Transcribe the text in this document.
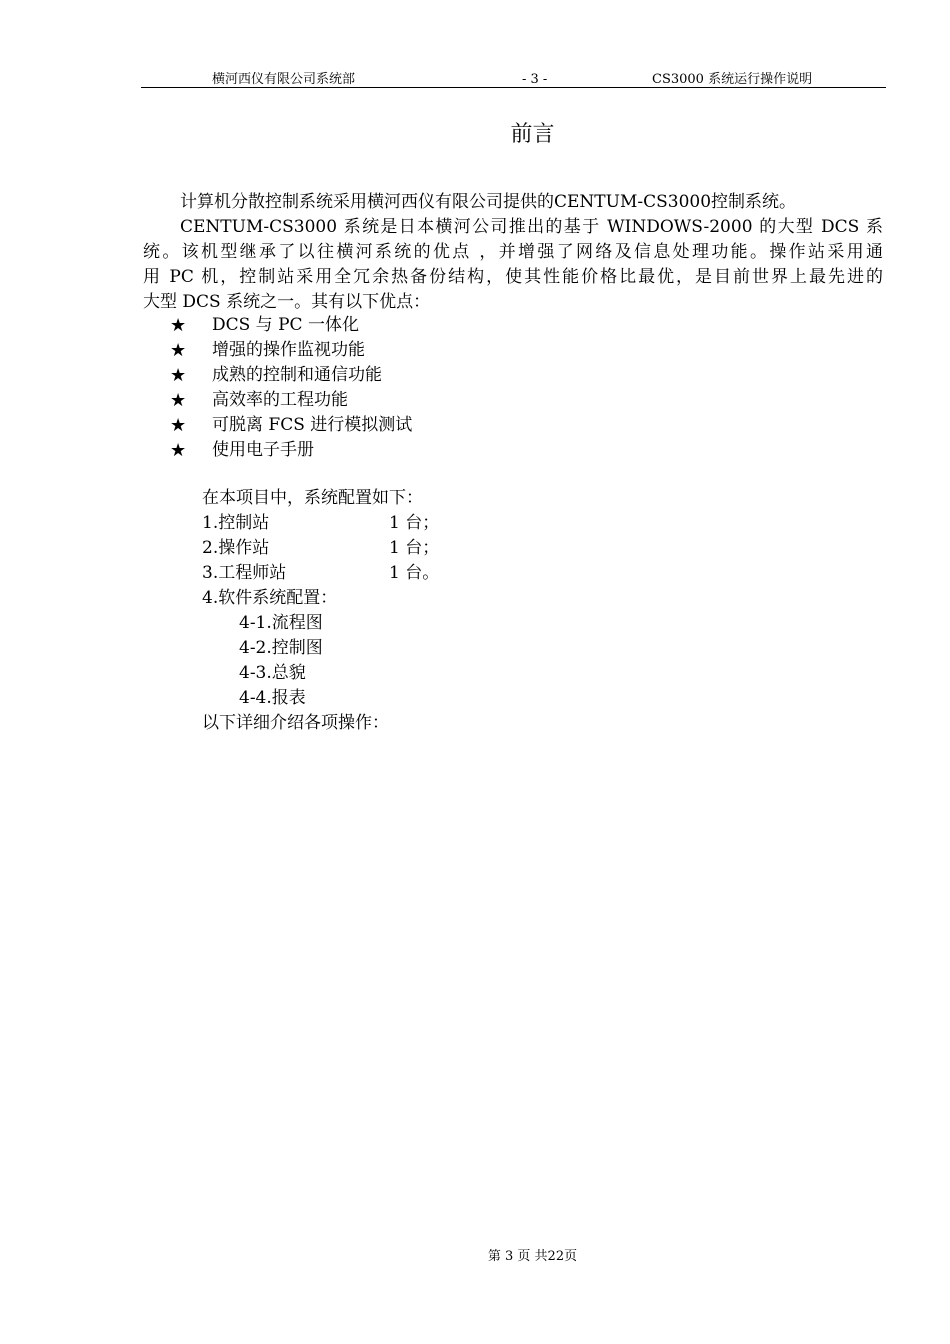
横河西仪有限公司系统部	- 3 -	CS3000 系统运行操作说明
前言
计算机分散控制系统采用横河西仪有限公司提供的CENTUM-CS3000控制系统。
CENTUM-CS3000 系统是日本横河公司推出的基于 WINDOWS-2000 的大型 DCS 系
统。该机型继承了以往横河系统的优点 ，并增强了网络及信息处理功能。操作站采用通
用 PC 机，控制站采用全冗余热备份结构，使其性能价格比最优，是目前世界上最先进的
大型 DCS 系统之一。其有以下优点：
★	DCS 与 PC 一体化
★	增强的操作监视功能
★	成熟的控制和通信功能
★	高效率的工程功能
★	可脱离 FCS 进行模拟测试
★	使用电子手册
在本项目中，系统配置如下：
1.控制站	1 台；
2.操作站	1 台；
3.工程师站	1 台。
4.软件系统配置：
4-1.流程图
4-2.控制图
4-3.总貌
4-4.报表
以下详细介绍各项操作：
第 3 页 共22页
